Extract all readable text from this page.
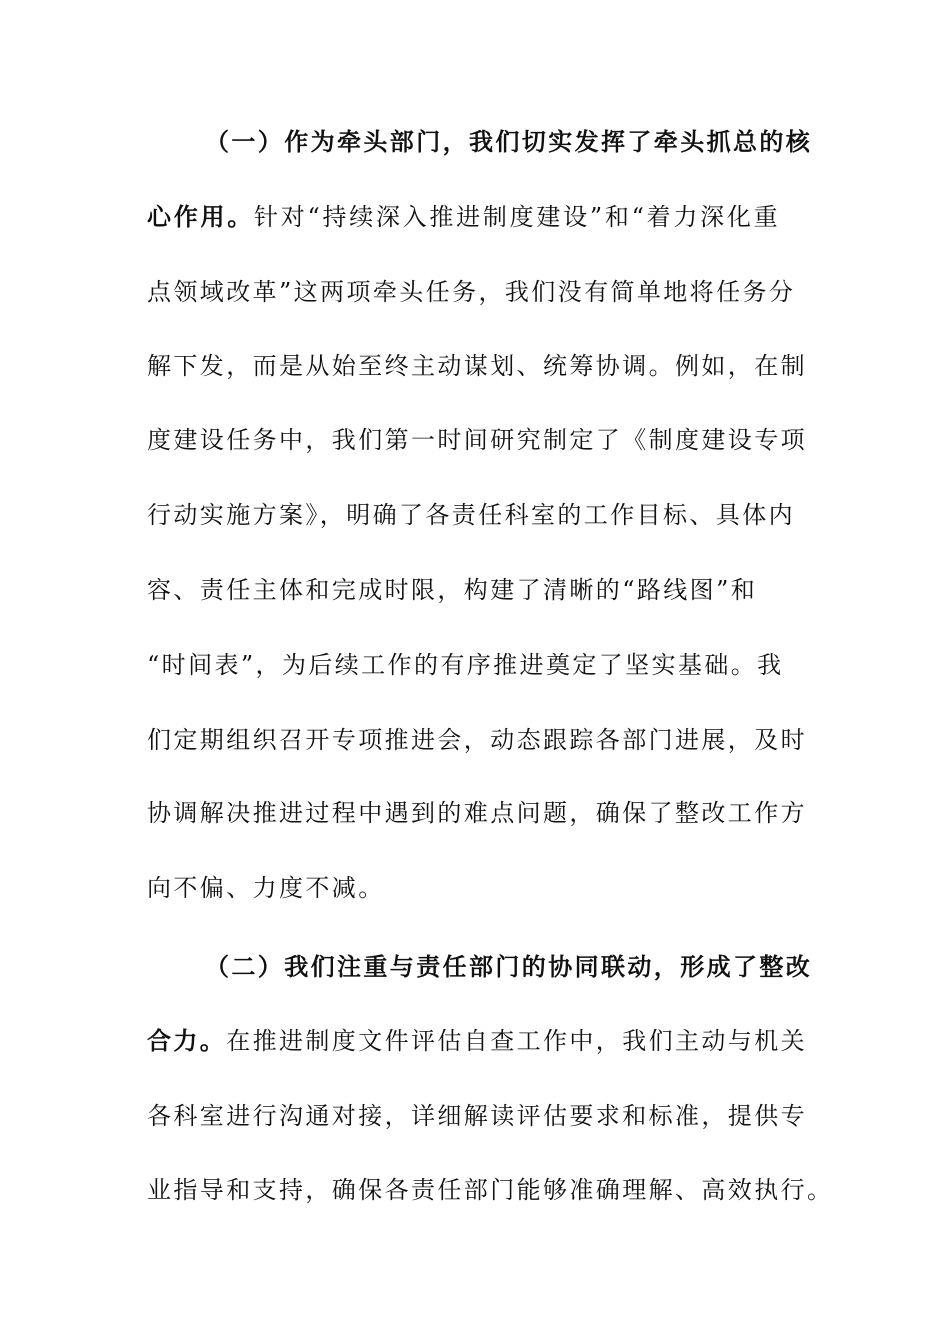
（一）作为牵头部门，我们切实发挥了牵头抓总的核
心作用。针对“持续深入推进制度建设”和“着力深化重
点领域改革”这两项牵头任务，我们没有简单地将任务分
解下发，而是从始至终主动谋划、统筹协调。例如，在制
度建设任务中，我们第一时间研究制定了《制度建设专项
行动实施方案》，明确了各责任科室的工作目标、具体内
容、责任主体和完成时限，构建了清晰的“路线图”和
“时间表”，为后续工作的有序推进奠定了坚实基础。我
们定期组织召开专项推进会，动态跟踪各部门进展，及时
协调解决推进过程中遇到的难点问题，确保了整改工作方
向不偏、力度不减。
（二）我们注重与责任部门的协同联动，形成了整改
合力。在推进制度文件评估自查工作中，我们主动与机关
各科室进行沟通对接，详细解读评估要求和标准，提供专
业指导和支持，确保各责任部门能够准确理解、高效执行。
